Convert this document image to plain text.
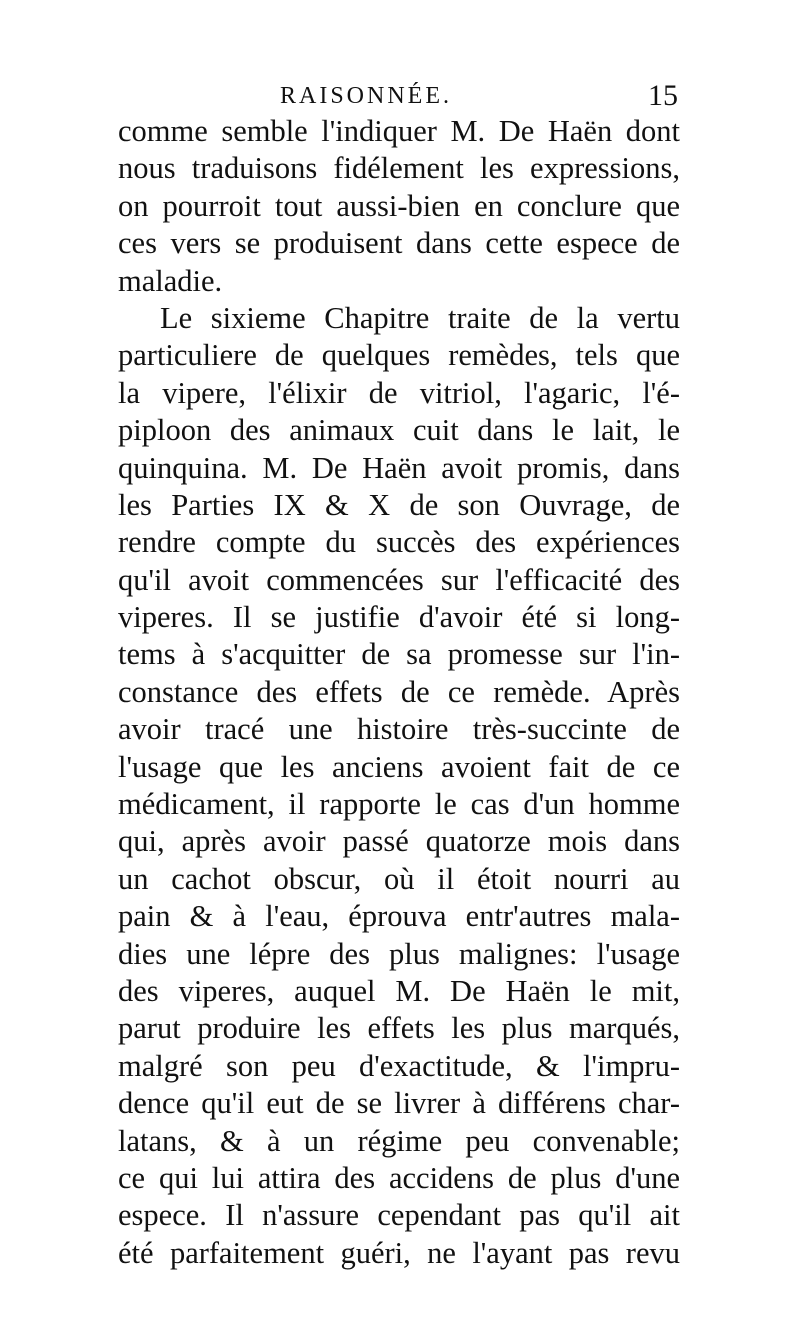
RAISONNÉE.	15
comme semble l'indiquer M. De Haën dont
nous traduisons fidélement les expressions,
on pourroit tout aussi-bien en conclure que
ces vers se produisent dans cette espece de
maladie.
Le sixieme Chapitre traite de la vertu
particuliere de quelques remèdes, tels que
la vipere, l'élixir de vitriol, l'agaric, l'é-
piploon des animaux cuit dans le lait, le
quinquina. M. De Haën avoit promis, dans
les Parties IX & X de son Ouvrage, de
rendre compte du succès des expériences
qu'il avoit commencées sur l'efficacité des
viperes. Il se justifie d'avoir été si long-
tems à s'acquitter de sa promesse sur l'in-
constance des effets de ce remède. Après
avoir tracé une histoire très-succinte de
l'usage que les anciens avoient fait de ce
médicament, il rapporte le cas d'un homme
qui, après avoir passé quatorze mois dans
un cachot obscur, où il étoit nourri au
pain & à l'eau, éprouva entr'autres mala-
dies une lépre des plus malignes: l'usage
des viperes, auquel M. De Haën le mit,
parut produire les effets les plus marqués,
malgré son peu d'exactitude, & l'impru-
dence qu'il eut de se livrer à différens char-
latans, & à un régime peu convenable;
ce qui lui attira des accidens de plus d'une
espece. Il n'assure cependant pas qu'il ait
été parfaitement guéri, ne l'ayant pas revu
